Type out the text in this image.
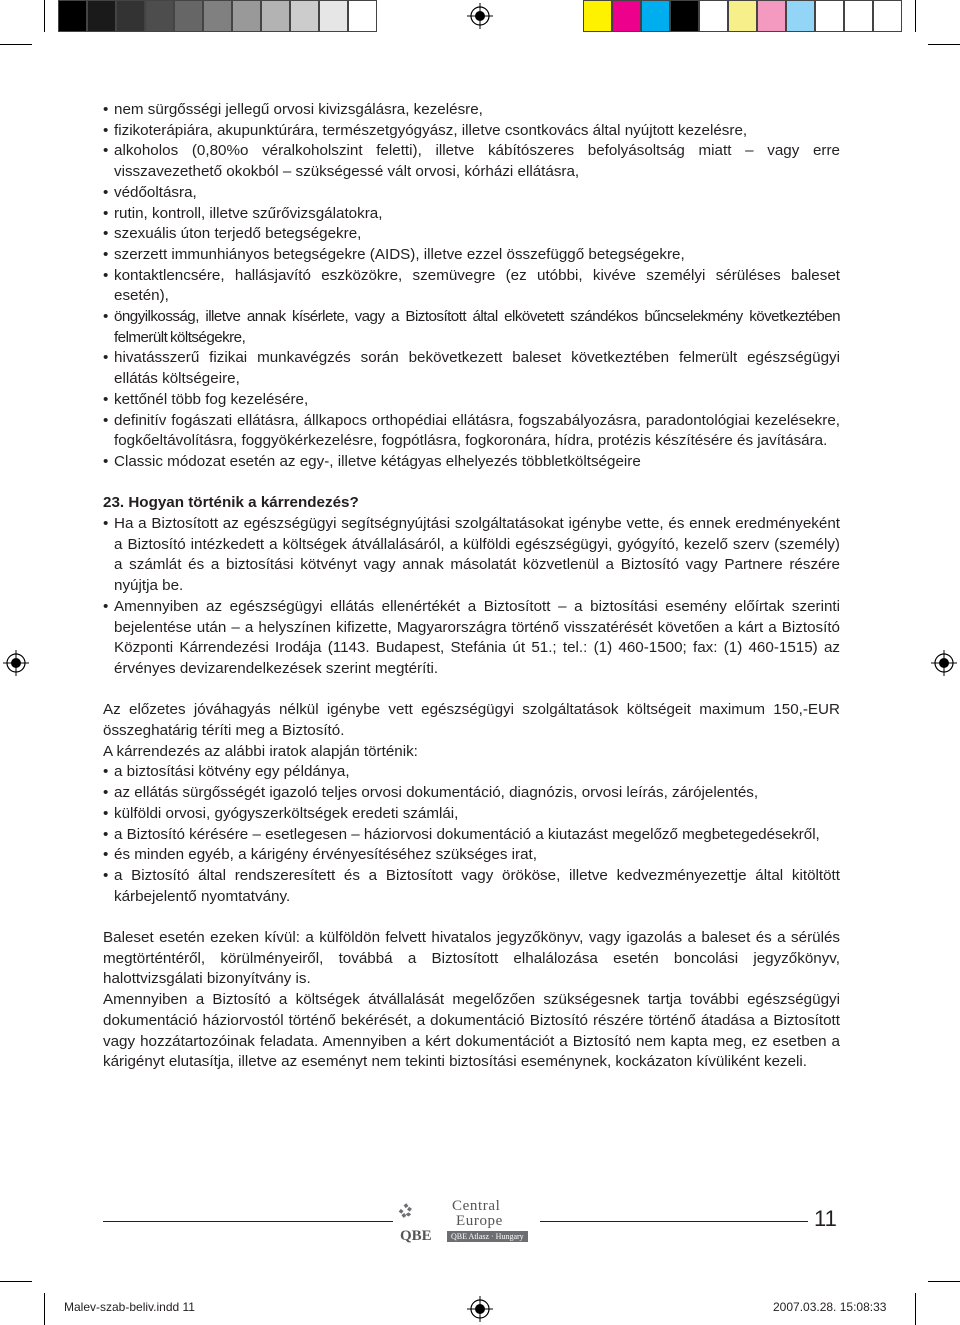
• nem sürgősségi jellegű orvosi kivizsgálásra, kezelésre,
• fizikoterápiára, akupunktúrára, természetgyógyász, illetve csontkovács által nyújtott kezelésre,
• alkoholos (0,80%o véralkoholszint feletti), illetve kábítószeres befolyásoltság miatt – vagy erre visszavezethető okokból – szükségessé vált orvosi, kórházi ellátásra,
• védőoltásra,
• rutin, kontroll, illetve szűrővizsgálatokra,
• szexuális úton terjedő betegségekre,
• szerzett immunhiányos betegségekre (AIDS), illetve ezzel összefüggő betegségekre,
• kontaktlencsére, hallásjavító eszközökre, szemüvegre (ez utóbbi, kivéve személyi sérüléses baleset esetén),
• öngyilkosság, illetve annak kísérlete, vagy a Biztosított által elkövetett szándékos bűncselekmény következtében felmerült költségekre,
• hivatásszerű fizikai munkavégzés során bekövetkezett baleset következtében felmerült egészségügyi ellátás költségeire,
• kettőnél több fog kezelésére,
• definitív fogászati ellátásra, állkapocs orthopédiai ellátásra, fogszabályozásra, paradontológiai kezelésekre, fogkőeltávolításra, foggyökérkezelésre, fogpótlásra, fogkoronára, hídra, protézis készítésére és javítására.
• Classic módozat esetén az egy-, illetve kétágyas elhelyezés többletköltségeire

23. Hogyan történik a kárrendezés?

• Ha a Biztosított az egészségügyi segítségnyújtási szolgáltatásokat igénybe vette, és ennek eredményeként a Biztosító intézkedett a költségek átvállalásáról, a külföldi egészségügyi, gyógyító, kezelő szerv (személy) a számlát és a biztosítási kötvényt vagy annak másolatát közvetlenül a Biztosító vagy Partnere részére nyújtja be.
• Amennyiben az egészségügyi ellátás ellenértékét a Biztosított – a biztosítási esemény előírtak szerinti bejelentése után – a helyszínen kifizette, Magyarországra történő visszatérését követően a kárt a Biztosító Központi Kárrendezési Irodája (1143. Budapest, Stefánia út 51.; tel.: (1) 460-1500; fax: (1) 460-1515) az érvényes devizarendelkezések szerint megtéríti.

Az előzetes jóváhagyás nélkül igénybe vett egészségügyi szolgáltatások költségeit maximum 150,-EUR összeghatárig téríti meg a Biztosító.

A kárrendezés az alábbi iratok alapján történik:

• a biztosítási kötvény egy példánya,
• az ellátás sürgősségét igazoló teljes orvosi dokumentáció, diagnózis, orvosi leírás, zárójelentés,
• külföldi orvosi, gyógyszerköltségek eredeti számlái,
• a Biztosító kérésére – esetlegesen – háziorvosi dokumentáció a kiutazást megelőző megbetegedésekről,
• és minden egyéb, a kárigény érvényesítéséhez szükséges irat,
• a Biztosító által rendszeresített és a Biztosított vagy örököse, illetve kedvezményezettje által kitöltött kárbejelentő nyomtatvány.

Baleset esetén ezeken kívül: a külföldön felvett hivatalos jegyzőkönyv, vagy igazolás a baleset és a sérülés megtörténtéről, körülményeiről, továbbá a Biztosított elhalálozása esetén boncolási jegyzőkönyv, halottvizsgálati bizonyítvány is.

Amennyiben a Biztosító a költségek átvállalását megelőzően szükségesnek tartja további egészségügyi dokumentáció háziorvostól történő bekérését, a dokumentáció Biztosító részére történő átadása a Biztosított vagy hozzátartozóinak feladata. Amennyiben a kért dokumentációt a Biztosító nem kapta meg, ez esetben a kárigényt elutasítja, illetve az eseményt nem tekinti biztosítási eseménynek, kockázaton kívüliként kezeli.

QBE
Central
Europe
QBE Atlasz · Hungary
11
Malev-szab-beliv.indd 11	2007.03.28. 15:08:33
